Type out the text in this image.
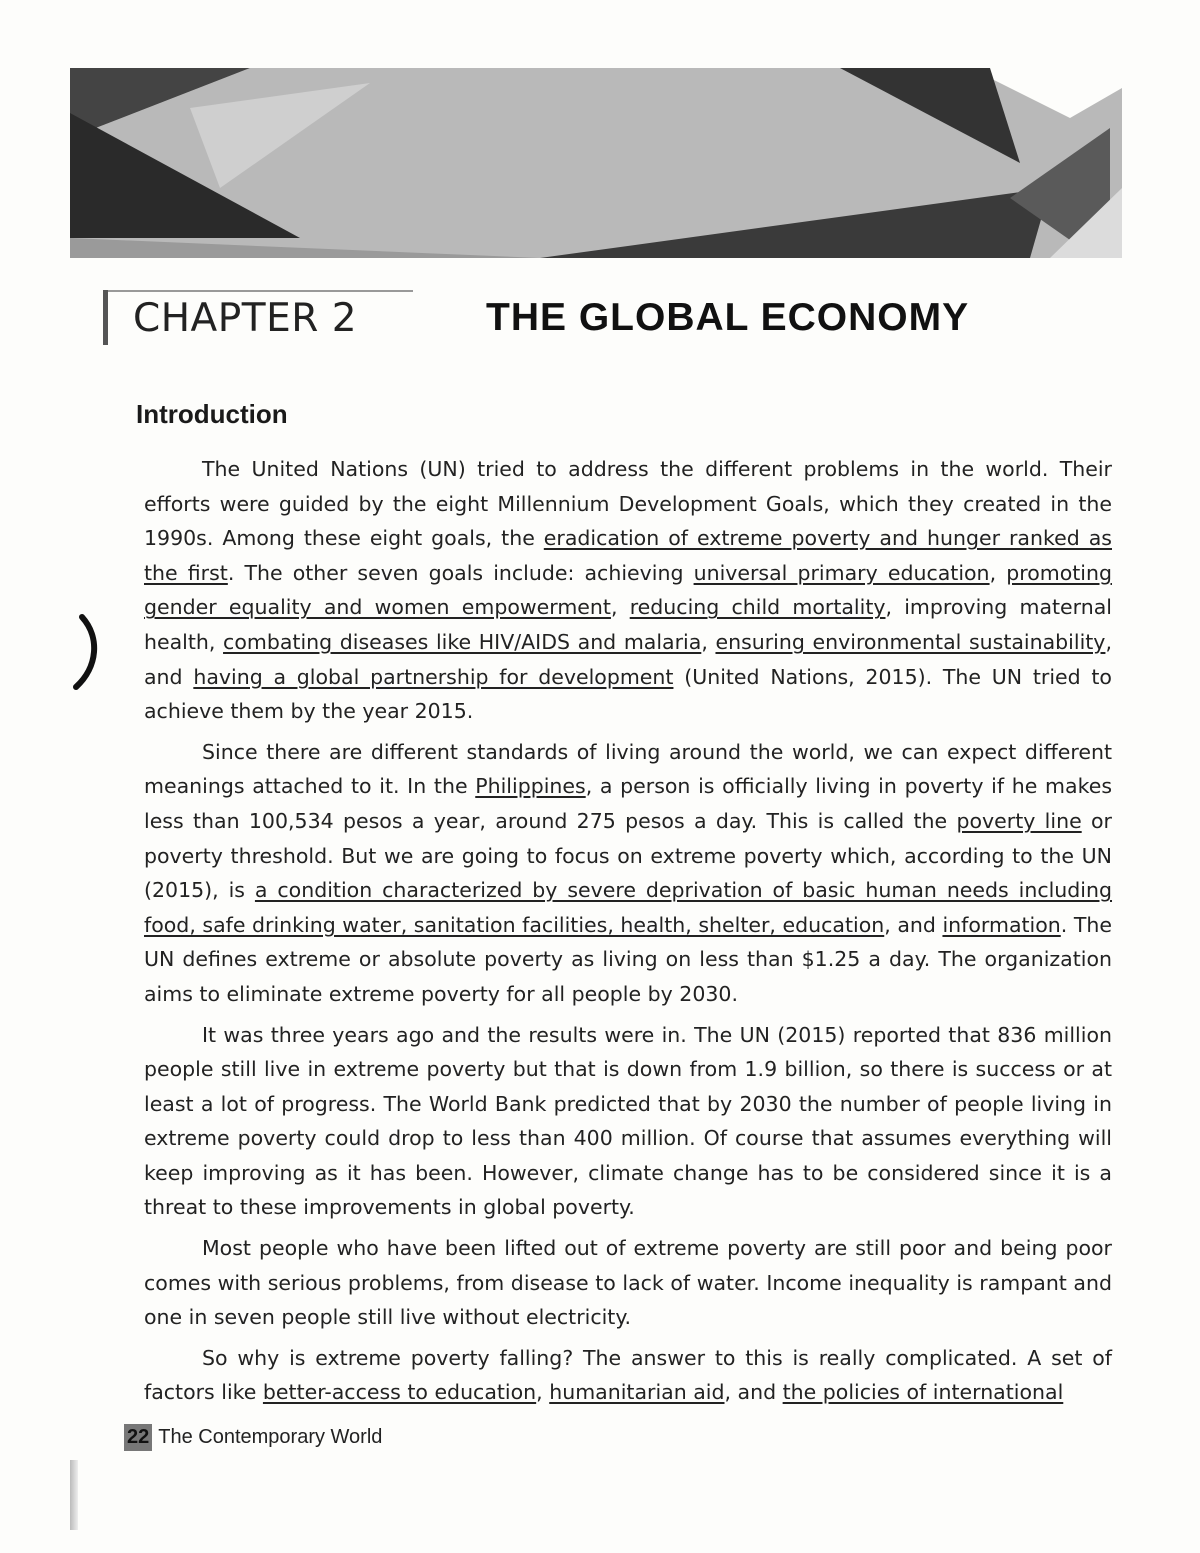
CHAPTER 2	THE GLOBAL ECONOMY
Introduction

The United Nations (UN) tried to address the different problems in the world. Their efforts were guided by the eight Millennium Development Goals, which they created in the 1990s. Among these eight goals, the eradication of extreme poverty and hunger ranked as the first. The other seven goals include: achieving universal primary education, promoting gender equality and women empowerment, reducing child mortality, improving maternal health, combating diseases like HIV/AIDS and malaria, ensuring environmental sustainability, and having a global partnership for development (United Nations, 2015). The UN tried to achieve them by the year 2015.

Since there are different standards of living around the world, we can expect different meanings attached to it. In the Philippines, a person is officially living in poverty if he makes less than 100,534 pesos a year, around 275 pesos a day. This is called the poverty line or poverty threshold. But we are going to focus on extreme poverty which, according to the UN (2015), is a condition characterized by severe deprivation of basic human needs including food, safe drinking water, sanitation facilities, health, shelter, education, and information. The UN defines extreme or absolute poverty as living on less than $1.25 a day. The organization aims to eliminate extreme poverty for all people by 2030.

It was three years ago and the results were in. The UN (2015) reported that 836 million people still live in extreme poverty but that is down from 1.9 billion, so there is success or at least a lot of progress. The World Bank predicted that by 2030 the number of people living in extreme poverty could drop to less than 400 million. Of course that assumes everything will keep improving as it has been. However, climate change has to be considered since it is a threat to these improvements in global poverty.

Most people who have been lifted out of extreme poverty are still poor and being poor comes with serious problems, from disease to lack of water. Income inequality is rampant and one in seven people still live without electricity.

So why is extreme poverty falling? The answer to this is really complicated. A set of factors like better-access to education, humanitarian aid, and the policies of international

22 The Contemporary World
